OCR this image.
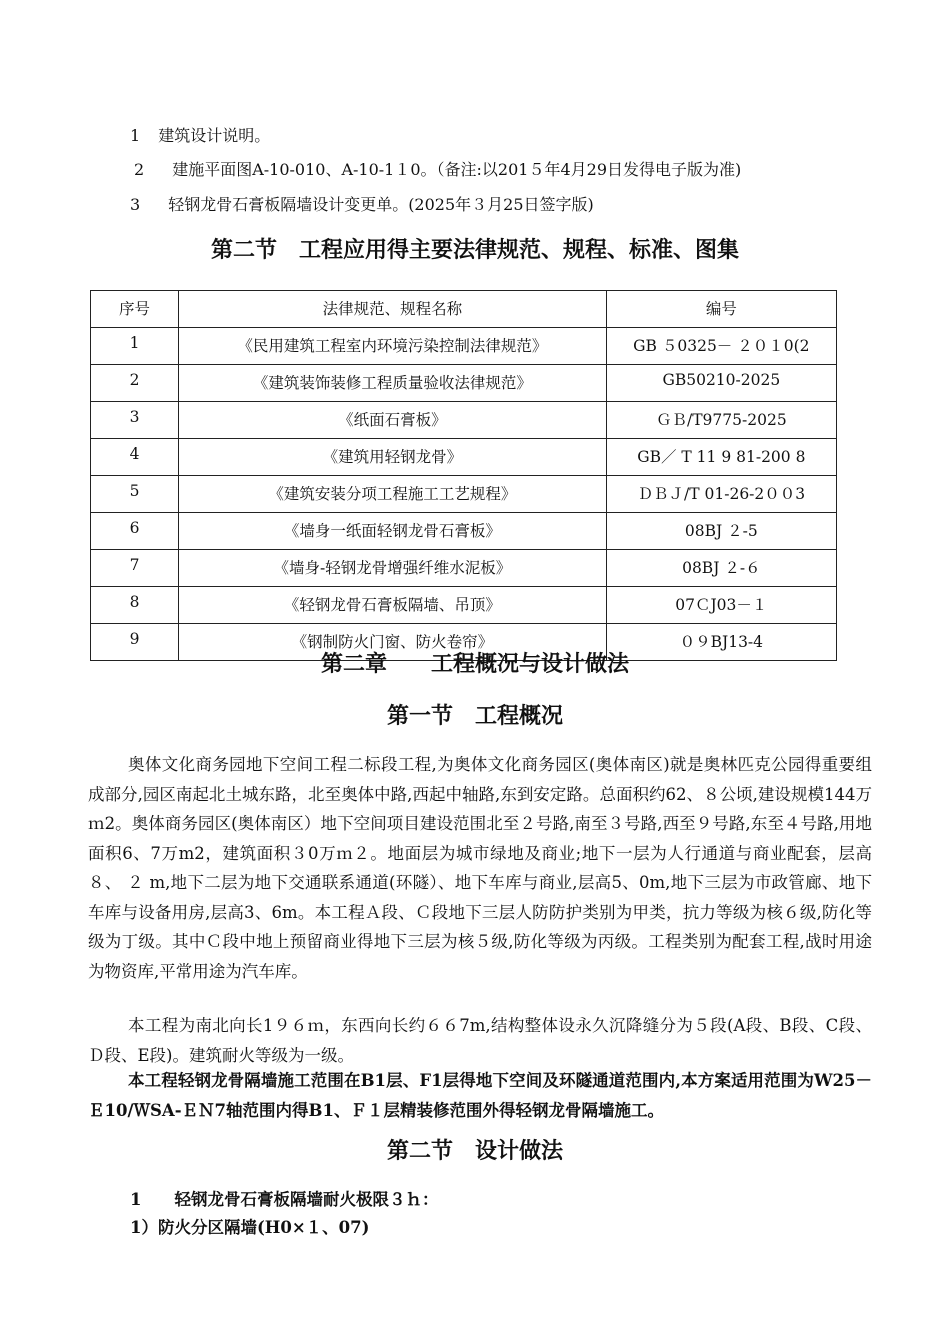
1 建筑设计说明。
2 建施平面图A-10-010、A-10-1１0。（备注:以201５年4月29日发得电子版为准)
3 轻钢龙骨石膏板隔墙设计变更单。(2025年３月25日签字版)
第二节　工程应用得主要法律规范、规程、标准、图集
序号	法律规范、规程名称	编号

1	《民用建筑工程室内环境污染控制法律规范》	GB ５0325－ ２０１0(2

2	《建筑装饰装修工程质量验收法律规范》	GB50210-2025

3	《纸面石膏板》	ＧＢ/T9775-2025

4	《建筑用轻钢龙骨》	GB／ T 11 9 81-200 8

5	《建筑安装分项工程施工工艺规程》	ＤＢＪ/T 01-26-2００3

6	《墙身一纸面轻钢龙骨石膏板》	08BJ ２-5

7	《墙身-轻钢龙骨增强纤维水泥板》	08BJ ２-６

8	《轻钢龙骨石膏板隔墙、吊顶》	07ＣJ03－１

9	《钢制防火门窗、防火卷帘》	０９BJ13-4
第二章　　工程概况与设计做法
第一节　工程概况
奥体文化商务园地下空间工程二标段工程,为奥体文化商务园区(奥体南区)就是奥林匹克公园得重要组成部分,园区南起北土城东路，北至奥体中路,西起中轴路,东到安定路。总面积约62、８公顷,建设规模144万ｍ2。奥体商务园区(奥体南区）地下空间项目建设范围北至２号路,南至３号路,西至９号路,东至４号路,用地面积6、7万m2，建筑面积３0万ｍ２。地面层为城市绿地及商业;地下一层为人行通道与商业配套，层高８、 ２ m,地下二层为地下交通联系通道(环隧）、地下车库与商业,层高5、0m,地下三层为市政管廊、地下车库与设备用房,层高3、6m。本工程Ａ段、Ｃ段地下三层人防防护类别为甲类，抗力等级为核６级,防化等级为丁级。其中Ｃ段中地上预留商业得地下三层为核５级,防化等级为丙级。工程类别为配套工程,战时用途为物资库,平常用途为汽车库。
本工程为南北向长1９６ｍ，东西向长约６６7m,结构整体设永久沉降缝分为５段(A段、B段、C段、Ｄ段、E段)。建筑耐火等级为一级。
本工程轻钢龙骨隔墙施工范围在B1层、F1层得地下空间及环隧通道范围内,本方案适用范围为W25－Ｅ10/ＷSA-ＥＮ7轴范围内得B1、Ｆ１层精装修范围外得轻钢龙骨隔墙施工。
第二节　设计做法
1　　轻钢龙骨石膏板隔墙耐火极限３ｈ：
1）防火分区隔墙(H0×１、07)
